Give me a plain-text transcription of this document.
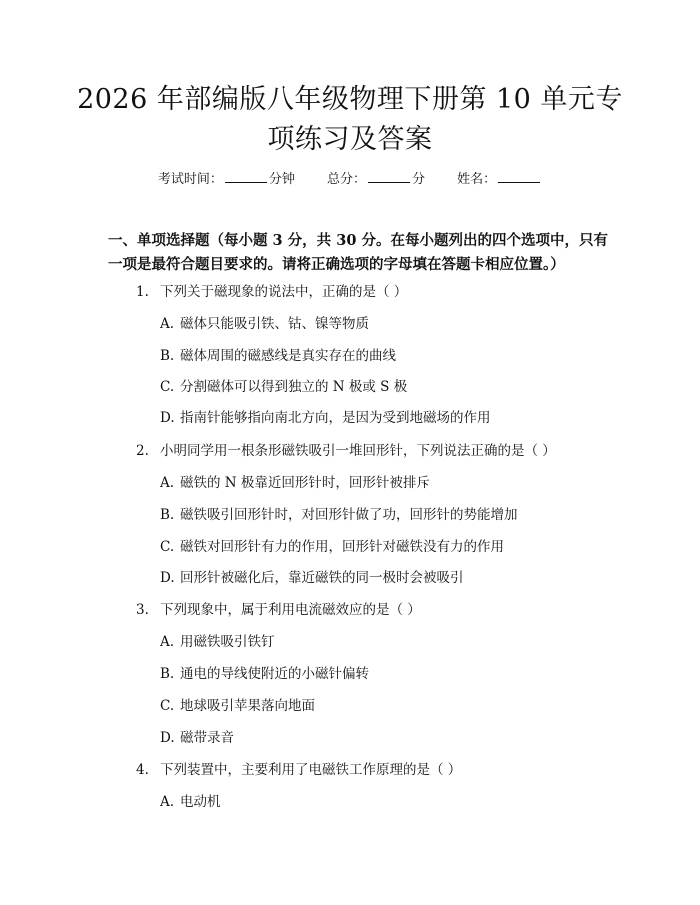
2026 年部编版八年级物理下册第 10 单元专
项练习及答案
考试时间：	分钟 总分：	分 姓名：
一、单项选择题（每小题 3 分，共 30 分。在每小题列出的四个选项中，只有一项是最符合题目要求的。请将正确选项的字母填在答题卡相应位置。）
1. 下列关于磁现象的说法中，正确的是（ ）
A. 磁体只能吸引铁、钴、镍等物质
B. 磁体周围的磁感线是真实存在的曲线
C. 分割磁体可以得到独立的 N 极或 S 极
D. 指南针能够指向南北方向，是因为受到地磁场的作用
2. 小明同学用一根条形磁铁吸引一堆回形针，下列说法正确的是（ ）
A. 磁铁的 N 极靠近回形针时，回形针被排斥
B. 磁铁吸引回形针时，对回形针做了功，回形针的势能增加
C. 磁铁对回形针有力的作用，回形针对磁铁没有力的作用
D. 回形针被磁化后，靠近磁铁的同一极时会被吸引
3. 下列现象中，属于利用电流磁效应的是（ ）
A. 用磁铁吸引铁钉
B. 通电的导线使附近的小磁针偏转
C. 地球吸引苹果落向地面
D. 磁带录音
4. 下列装置中，主要利用了电磁铁工作原理的是（ ）
A. 电动机
